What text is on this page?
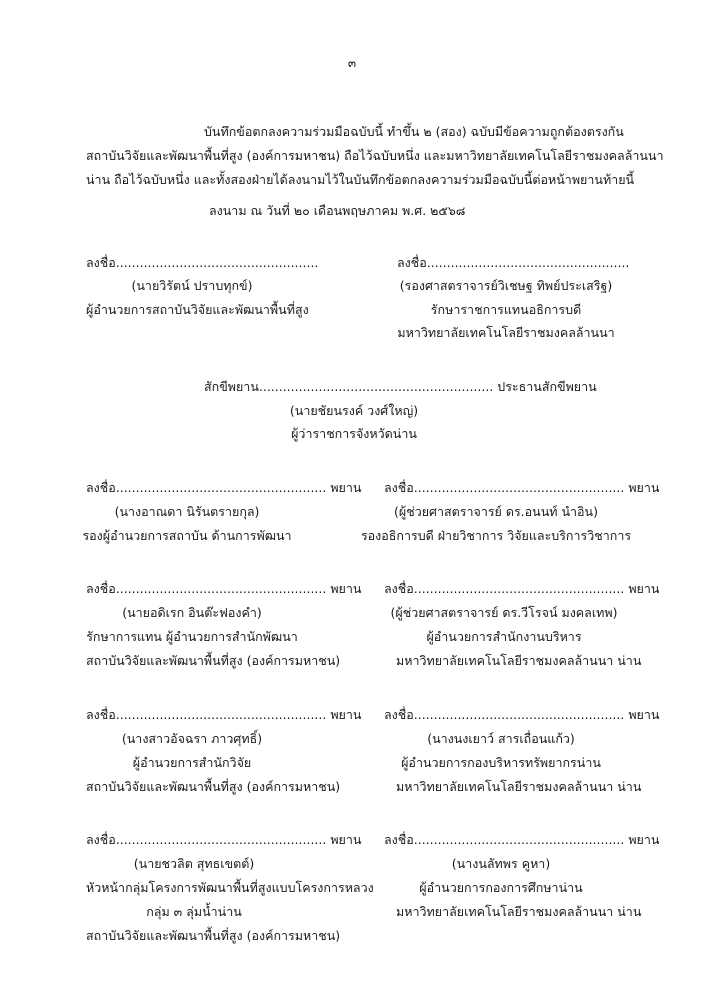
๓
บันทึกข้อตกลงความร่วมมือฉบับนี้ ทำขึ้น ๒ (สอง) ฉบับมีข้อความถูกต้องตรงกัน
สถาบันวิจัยและพัฒนาพื้นที่สูง (องค์การมหาชน) ถือไว้ฉบับหนึ่ง และมหาวิทยาลัยเทคโนโลยีราชมงคลล้านนา
น่าน ถือไว้ฉบับหนึ่ง และทั้งสองฝ่ายได้ลงนามไว้ในบันทึกข้อตกลงความร่วมมือฉบับนี้ต่อหน้าพยานท้ายนี้
ลงนาม ณ วันที่ ๒๐ เดือนพฤษภาคม พ.ศ. ๒๕๖๘
ลงชื่อ...................................................
(นายวิรัตน์ ปราบทุกข์)
ผู้อำนวยการสถาบันวิจัยและพัฒนาพื้นที่สูง
ลงชื่อ...................................................
(รองศาสตราจารย์วิเชษฐ ทิพย์ประเสริฐ)
รักษาราชการแทนอธิการบดี
มหาวิทยาลัยเทคโนโลยีราชมงคลล้านนา
สักขีพยาน........................................................... ประธานสักขีพยาน
(นายชัยนรงค์ วงศ์ใหญ่)
ผู้ว่าราชการจังหวัดน่าน
ลงชื่อ..................................................... พยาน
(นางอาณดา นิรันตรายกุล)
รองผู้อำนวยการสถาบัน ด้านการพัฒนา
ลงชื่อ..................................................... พยาน
(ผู้ช่วยศาสตราจารย์ ดร.อนนท์ นำอิน)
รองอธิการบดี ฝ่ายวิชาการ วิจัยและบริการวิชาการ
ลงชื่อ..................................................... พยาน
(นายอดิเรก อินต๊ะฟองคำ)
รักษาการแทน ผู้อำนวยการสำนักพัฒนา
สถาบันวิจัยและพัฒนาพื้นที่สูง (องค์การมหาชน)
ลงชื่อ..................................................... พยาน
(ผู้ช่วยศาสตราจารย์ ดร.วีโรจน์ มงคลเทพ)
ผู้อำนวยการสำนักงานบริหาร
มหาวิทยาลัยเทคโนโลยีราชมงคลล้านนา น่าน
ลงชื่อ..................................................... พยาน
(นางสาวอัจฉรา ภาวศุทธิ์)
ผู้อำนวยการสำนักวิจัย
สถาบันวิจัยและพัฒนาพื้นที่สูง (องค์การมหาชน)
ลงชื่อ..................................................... พยาน
(นางนงเยาว์ สารเถื่อนแก้ว)
ผู้อำนวยการกองบริหารทรัพยากรน่าน
มหาวิทยาลัยเทคโนโลยีราชมงคลล้านนา น่าน
ลงชื่อ..................................................... พยาน
(นายชวลิต สุทธเขตต์)
หัวหน้ากลุ่มโครงการพัฒนาพื้นที่สูงแบบโครงการหลวง
กลุ่ม ๓ ลุ่มน้ำน่าน
สถาบันวิจัยและพัฒนาพื้นที่สูง (องค์การมหาชน)
ลงชื่อ..................................................... พยาน
(นางนลัทพร คูหา)
ผู้อำนวยการกองการศึกษาน่าน
มหาวิทยาลัยเทคโนโลยีราชมงคลล้านนา น่าน
